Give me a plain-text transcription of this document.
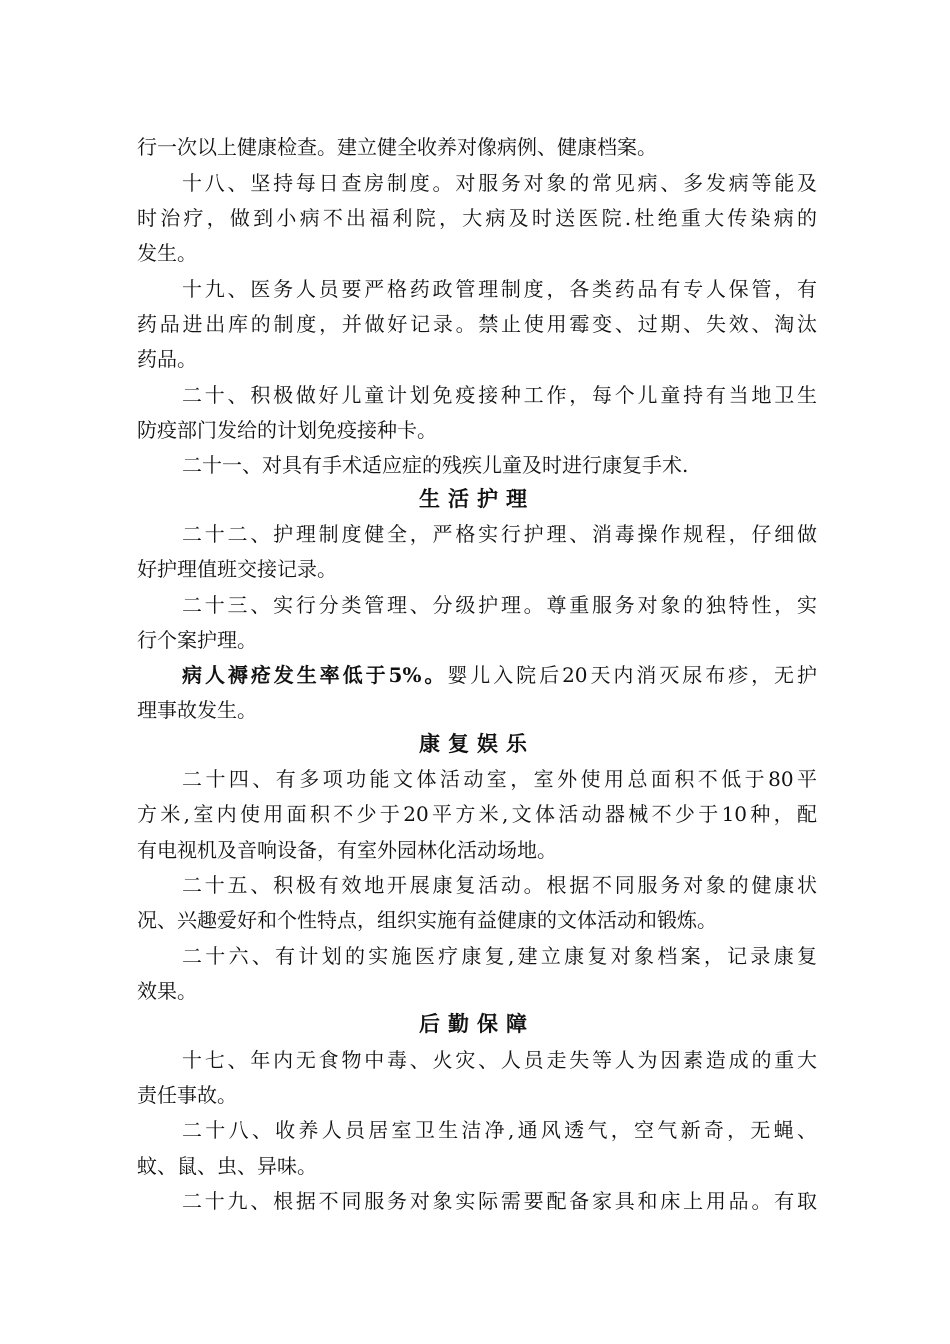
行一次以上健康检查。建立健全收养对像病例、健康档案。
十八、坚持每日查房制度。对服务对象的常见病、多发病等能及
时治疗，做到小病不出福利院，大病及时送医院.杜绝重大传染病的
发生。
十九、医务人员要严格药政管理制度，各类药品有专人保管，有
药品进出库的制度，并做好记录。禁止使用霉变、过期、失效、淘汰
药品。
二十、积极做好儿童计划免疫接种工作，每个儿童持有当地卫生
防疫部门发给的计划免疫接种卡。
二十一、对具有手术适应症的残疾儿童及时进行康复手术.
生活护理
二十二、护理制度健全，严格实行护理、消毒操作规程，仔细做
好护理值班交接记录。
二十三、实行分类管理、分级护理。尊重服务对象的独特性，实
行个案护理。
病人褥疮发生率低于5%。婴儿入院后20天内消灭尿布疹，无护
理事故发生。
康复娱乐
二十四、有多项功能文体活动室，室外使用总面积不低于80平
方米,室内使用面积不少于20平方米,文体活动器械不少于10种，配
有电视机及音响设备，有室外园林化活动场地。
二十五、积极有效地开展康复活动。根据不同服务对象的健康状
况、兴趣爱好和个性特点，组织实施有益健康的文体活动和锻炼。
二十六、有计划的实施医疗康复,建立康复对象档案，记录康复
效果。
后勤保障
十七、年内无食物中毒、火灾、人员走失等人为因素造成的重大
责任事故。
二十八、收养人员居室卫生洁净,通风透气，空气新奇，无蝇、
蚊、鼠、虫、异味。
二十九、根据不同服务对象实际需要配备家具和床上用品。有取
